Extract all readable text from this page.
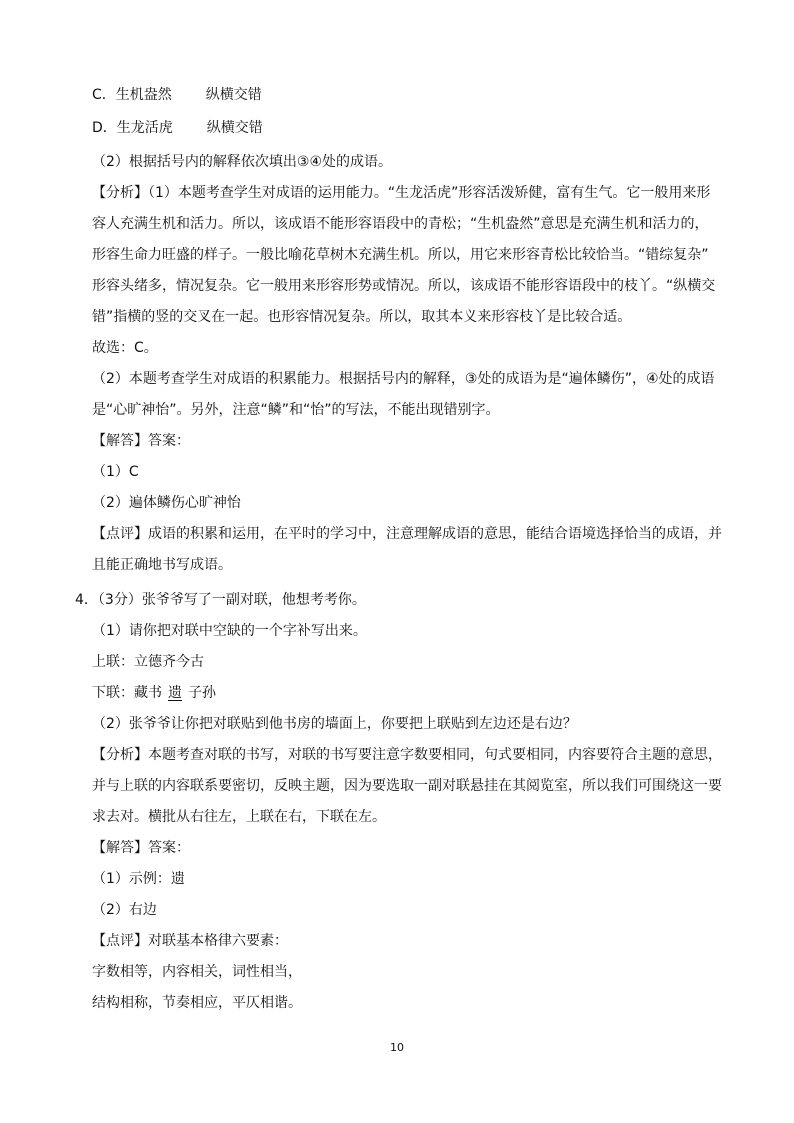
C．生机盎然 纵横交错
D．生龙活虎 纵横交错
（2）根据括号内的解释依次填出③④处的成语。
【分析】（1）本题考查学生对成语的运用能力。“生龙活虎”形容活泼矫健，富有生气。它一般用来形
容人充满生机和活力。所以，该成语不能形容语段中的青松；“生机盎然”意思是充满生机和活力的，
形容生命力旺盛的样子。一般比喻花草树木充满生机。所以，用它来形容青松比较恰当。“错综复杂”
形容头绪多，情况复杂。它一般用来形容形势或情况。所以，该成语不能形容语段中的枝丫。“纵横交
错”指横的竖的交叉在一起。也形容情况复杂。所以，取其本义来形容枝丫是比较合适。
故选：C。
（2）本题考查学生对成语的积累能力。根据括号内的解释，③处的成语为是“遍体鳞伤”，④处的成语
是“心旷神怡”。另外，注意“鳞”和“怡”的写法，不能出现错别字。
【解答】答案：
（1）C
（2）遍体鳞伤心旷神怡
【点评】成语的积累和运用，在平时的学习中，注意理解成语的意思，能结合语境选择恰当的成语，并
且能正确地书写成语。
4．（3分）张爷爷写了一副对联，他想考考你。
（1）请你把对联中空缺的一个字补写出来。
上联：立德齐今古
下联：藏书 遗 子孙
（2）张爷爷让你把对联贴到他书房的墙面上，你要把上联贴到左边还是右边？
【分析】本题考查对联的书写，对联的书写要注意字数要相同，句式要相同，内容要符合主题的意思，
并与上联的内容联系要密切，反映主题，因为要选取一副对联悬挂在其阅览室，所以我们可围绕这一要
求去对。横批从右往左，上联在右，下联在左。
【解答】答案：
（1）示例：遗
（2）右边
【点评】对联基本格律六要素：
字数相等，内容相关，词性相当，
结构相称，节奏相应，平仄相谐。
10
